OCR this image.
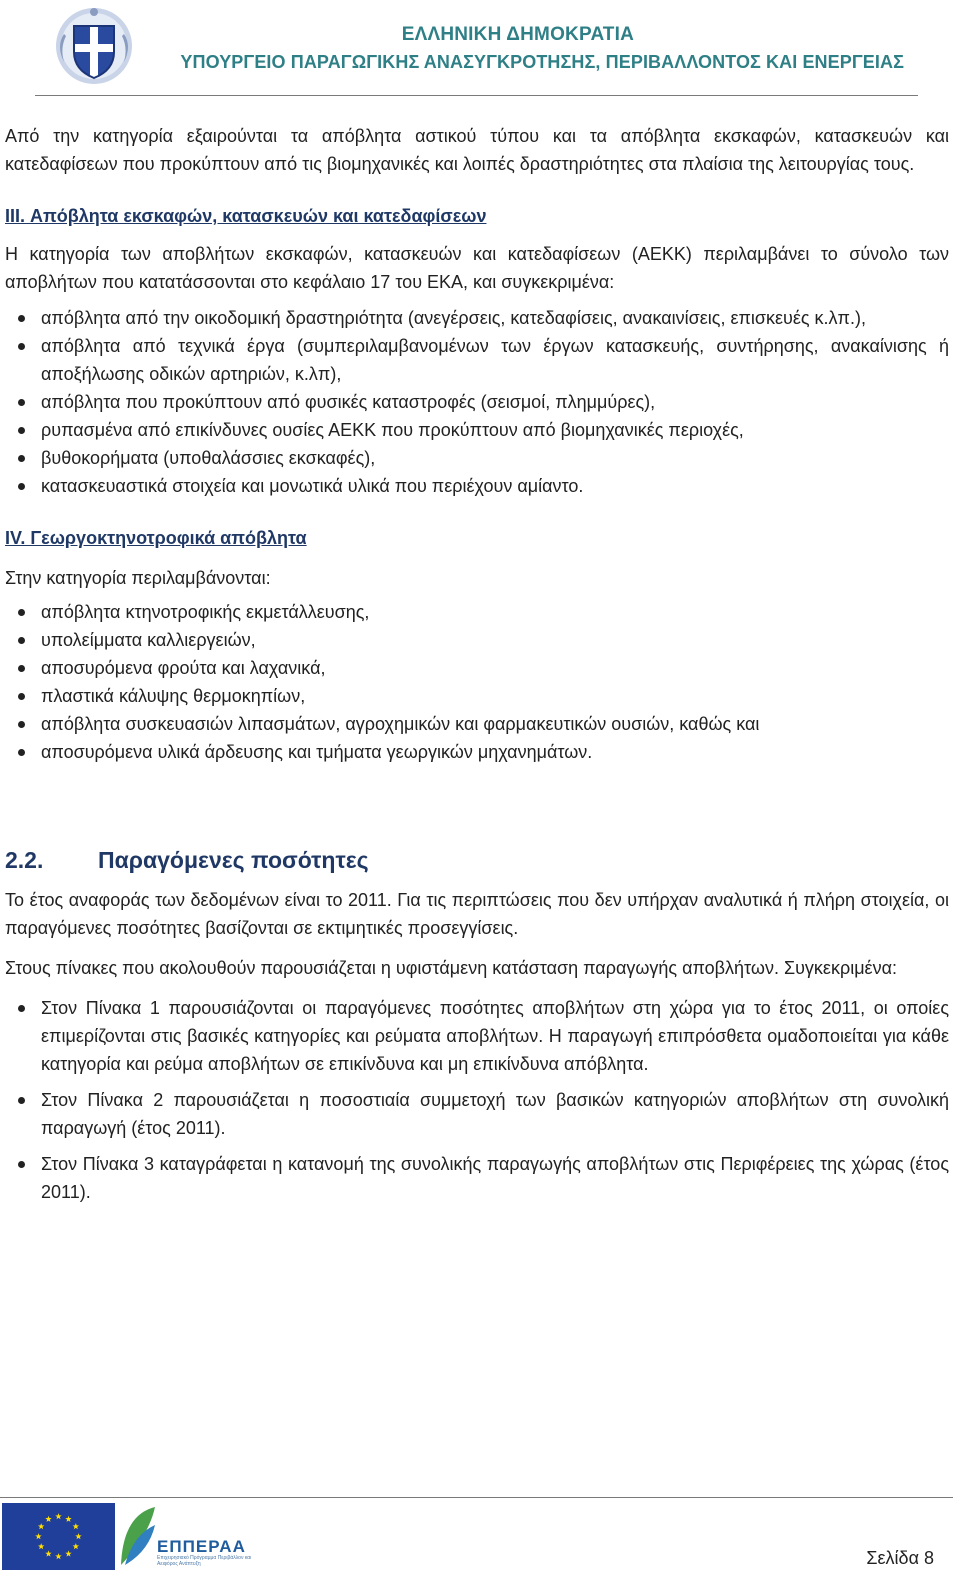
ΕΛΛΗΝΙΚΗ ΔΗΜΟΚΡΑΤΙΑ
ΥΠΟΥΡΓΕΙΟ ΠΑΡΑΓΩΓΙΚΗΣ ΑΝΑΣΥΓΚΡΟΤΗΣΗΣ, ΠΕΡΙΒΑΛΛΟΝΤΟΣ ΚΑΙ ΕΝΕΡΓΕΙΑΣ

Από την κατηγορία εξαιρούνται τα απόβλητα αστικού τύπου και τα απόβλητα εκσκαφών, κατασκευών και κατεδαφίσεων που προκύπτουν από τις βιομηχανικές και λοιπές δραστηριότητες στα πλαίσια της λειτουργίας τους.

III. Απόβλητα εκσκαφών, κατασκευών και κατεδαφίσεων

Η κατηγορία των αποβλήτων εκσκαφών, κατασκευών και κατεδαφίσεων (ΑΕΚΚ) περιλαμβάνει το σύνολο των αποβλήτων που κατατάσσονται στο κεφάλαιο 17 του ΕΚΑ, και συγκεκριμένα:

απόβλητα από την οικοδομική δραστηριότητα (ανεγέρσεις, κατεδαφίσεις, ανακαινίσεις, επισκευές κ.λπ.),
απόβλητα από τεχνικά έργα (συμπεριλαμβανομένων των έργων κατασκευής, συντήρησης, ανακαίνισης ή αποξήλωσης οδικών αρτηριών, κ.λπ),
απόβλητα που προκύπτουν από φυσικές καταστροφές (σεισμοί, πλημμύρες),
ρυπασμένα από επικίνδυνες ουσίες ΑΕΚΚ που προκύπτουν από βιομηχανικές περιοχές,
βυθοκορήματα (υποθαλάσσιες εκσκαφές),
κατασκευαστικά στοιχεία και μονωτικά υλικά που περιέχουν αμίαντο.

IV. Γεωργοκτηνοτροφικά απόβλητα

Στην κατηγορία περιλαμβάνονται:

απόβλητα κτηνοτροφικής εκμετάλλευσης,
υπολείμματα καλλιεργειών,
αποσυρόμενα φρούτα και λαχανικά,
πλαστικά κάλυψης θερμοκηπίων,
απόβλητα συσκευασιών λιπασμάτων, αγροχημικών και φαρμακευτικών ουσιών, καθώς και
αποσυρόμενα υλικά άρδευσης και τμήματα γεωργικών μηχανημάτων.
2.2.	Παραγόμενες ποσότητες

Το έτος αναφοράς των δεδομένων είναι το 2011. Για τις περιπτώσεις που δεν υπήρχαν αναλυτικά ή πλήρη στοιχεία, οι παραγόμενες ποσότητες βασίζονται σε εκτιμητικές προσεγγίσεις.

Στους πίνακες που ακολουθούν παρουσιάζεται η υφιστάμενη κατάσταση παραγωγής αποβλήτων. Συγκεκριμένα:

Στον Πίνακα 1 παρουσιάζονται οι παραγόμενες ποσότητες αποβλήτων στη χώρα για το έτος 2011, οι οποίες επιμερίζονται στις βασικές κατηγορίες και ρεύματα αποβλήτων. Η παραγωγή επιπρόσθετα ομαδοποιείται για κάθε κατηγορία και ρεύμα αποβλήτων σε επικίνδυνα και μη επικίνδυνα απόβλητα.
Στον Πίνακα 2 παρουσιάζεται η ποσοστιαία συμμετοχή των βασικών κατηγοριών αποβλήτων στη συνολική παραγωγή (έτος 2011).
Στον Πίνακα 3 καταγράφεται η κατανομή της συνολικής παραγωγής αποβλήτων στις Περιφέρειες της χώρας (έτος 2011).
ΕΠΠΕΡΑΑ
Επιχειρησιακό Πρόγραμμα Περιβάλλον και Αειφόρος Ανάπτυξη	Σελίδα 8
